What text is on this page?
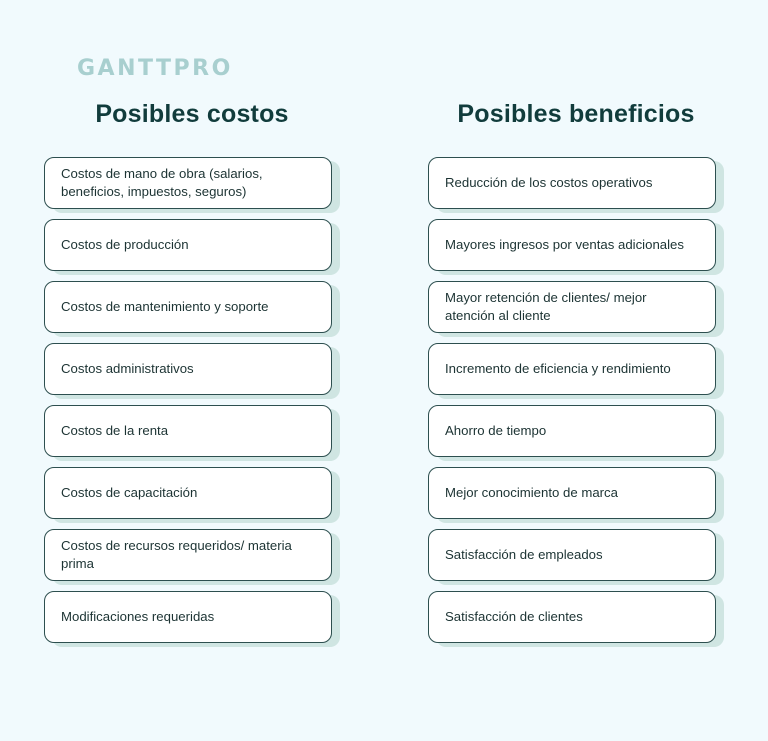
GANTTPRO
Posibles costos
Costos de mano de obra (salarios, beneficios, impuestos, seguros)
Costos de producción
Costos de mantenimiento y soporte
Costos administrativos
Costos de la renta
Costos de capacitación
Costos de recursos requeridos/ materia prima
Modificaciones requeridas
Posibles beneficios
Reducción de los costos operativos
Mayores ingresos por ventas adicionales
Mayor retención de clientes/ mejor atención al cliente
Incremento de eficiencia y rendimiento
Ahorro de tiempo
Mejor conocimiento de marca
Satisfacción de empleados
Satisfacción de clientes
